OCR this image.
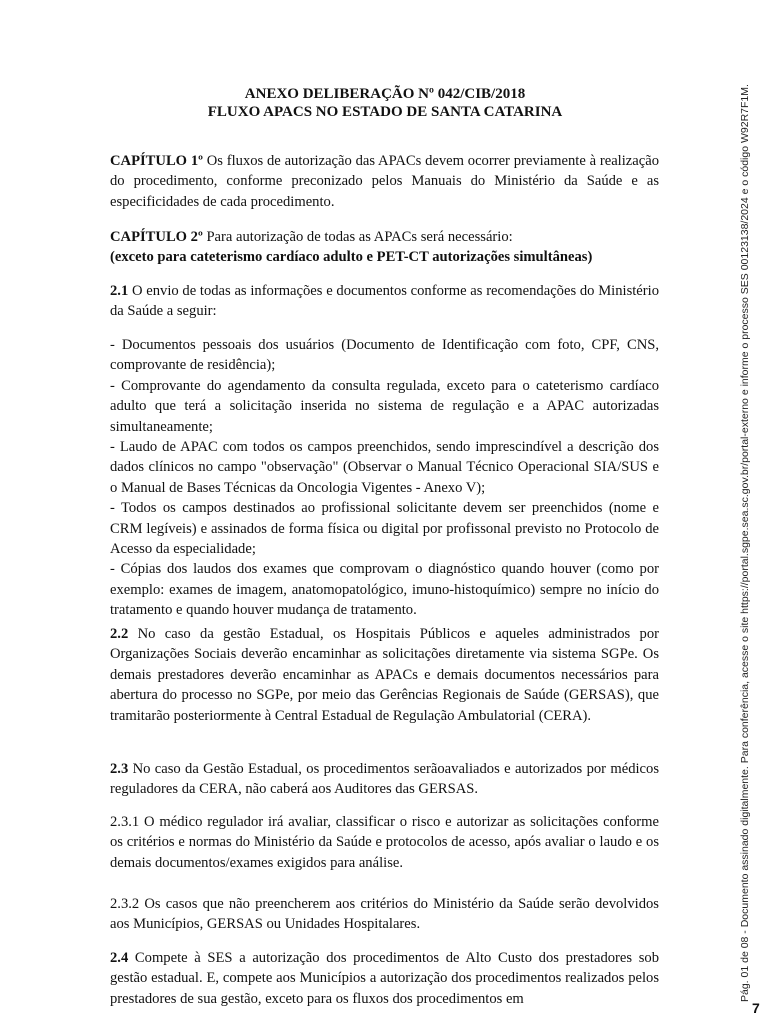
ANEXO DELIBERAÇÃO Nº 042/CIB/2018
FLUXO APACS NO ESTADO DE SANTA CATARINA

CAPÍTULO 1º Os fluxos de autorização das APACs devem ocorrer previamente à realização do procedimento, conforme preconizado pelos Manuais do Ministério da Saúde e as especificidades de cada procedimento.

CAPÍTULO 2º Para autorização de todas as APACs será necessário:
(exceto para cateterismo cardíaco adulto e PET-CT autorizações simultâneas)

2.1 O envio de todas as informações e documentos conforme as recomendações do Ministério da Saúde a seguir:

- Documentos pessoais dos usuários (Documento de Identificação com foto, CPF, CNS, comprovante de residência);
- Comprovante do agendamento da consulta regulada, exceto para o cateterismo cardíaco adulto que terá a solicitação inserida no sistema de regulação e a APAC autorizadas simultaneamente;
- Laudo de APAC com todos os campos preenchidos, sendo imprescindível a descrição dos dados clínicos no campo "observação" (Observar o Manual Técnico Operacional SIA/SUS e o Manual de Bases Técnicas da Oncologia Vigentes - Anexo V);
- Todos os campos destinados ao profissional solicitante devem ser preenchidos (nome e CRM legíveis) e assinados de forma física ou digital por profissonal previsto no Protocolo de Acesso da especialidade;
- Cópias dos laudos dos exames que comprovam o diagnóstico quando houver (como por exemplo: exames de imagem, anatomopatológico, imuno-histoquímico) sempre no início do tratamento e quando houver mudança de tratamento.

2.2 No caso da gestão Estadual, os Hospitais Públicos e aqueles administrados por Organizações Sociais deverão encaminhar as solicitações diretamente via sistema SGPe. Os demais prestadores deverão encaminhar as APACs e demais documentos necessários para abertura do processo no SGPe, por meio das Gerências Regionais de Saúde (GERSAS), que tramitarão posteriormente à Central Estadual de Regulação Ambulatorial (CERA).

2.3 No caso da Gestão Estadual, os procedimentos serãoavaliados e autorizados por médicos reguladores da CERA, não caberá aos Auditores das GERSAS.

2.3.1 O médico regulador irá avaliar, classificar o risco e autorizar as solicitações conforme os critérios e normas do Ministério da Saúde e protocolos de acesso, após avaliar o laudo e os demais documentos/exames exigidos para análise.

2.3.2 Os casos que não preencherem aos critérios do Ministério da Saúde serão devolvidos aos Municípios, GERSAS ou Unidades Hospitalares.

2.4 Compete à SES a autorização dos procedimentos de Alto Custo dos prestadores sob gestão estadual. E, compete aos Municípios a autorização dos procedimentos realizados pelos prestadores de sua gestão, exceto para os fluxos dos procedimentos em	Pág. 01 de 08 - Documento assinado digitalmente. Para conferência, acesse o site https://portal.sgpe.sea.sc.gov.br/portal-externo e informe o processo SES 00123138/2024 e o código W92R7F1M.
7
